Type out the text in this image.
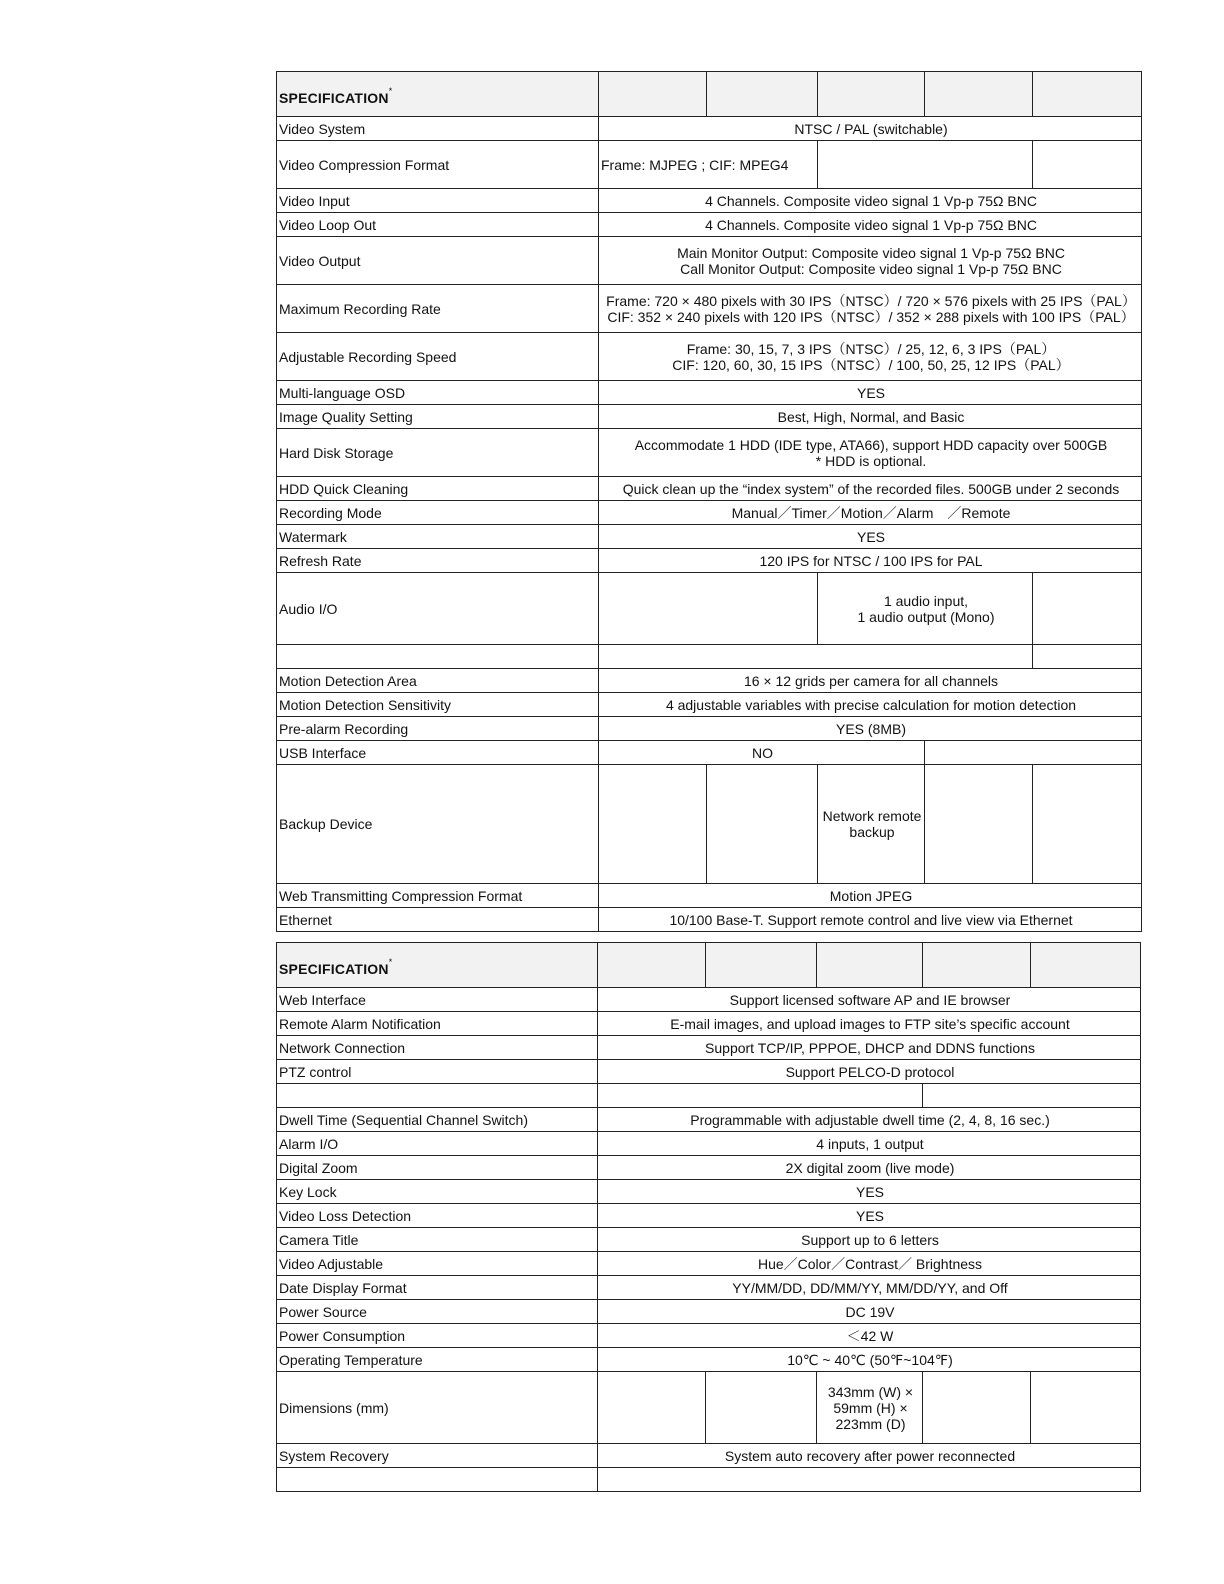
SPECIFICATION*					
Video System	NTSC / PAL (switchable)				
Video Compression Format	Frame: MJPEG ; CIF: MPEG4				
Video Input	4 Channels. Composite video signal 1 Vp-p 75Ω BNC				
Video Loop Out	4 Channels. Composite video signal 1 Vp-p 75Ω BNC				
Video Output	Main Monitor Output: Composite video signal 1 Vp-p 75Ω BNC
Call Monitor Output: Composite video signal 1 Vp-p 75Ω BNC				

Maximum Recording Rate	Frame: 720 × 480 pixels with 30 IPS（NTSC）/ 720 × 576 pixels with 25 IPS（PAL）
CIF: 352 × 240 pixels with 120 IPS（NTSC）/ 352 × 288 pixels with 100 IPS（PAL）				

Adjustable Recording Speed	Frame: 30, 15, 7, 3 IPS（NTSC）/ 25, 12, 6, 3 IPS（PAL）
CIF: 120, 60, 30, 15 IPS（NTSC）/ 100, 50, 25, 12 IPS（PAL）				

Multi-language OSD	YES				
Image Quality Setting	Best, High, Normal, and Basic				
Hard Disk Storage	Accommodate 1 HDD (IDE type, ATA66), support HDD capacity over 500GB
* HDD is optional.				

HDD Quick Cleaning	Quick clean up the “index system” of the recorded files. 500GB under 2 seconds				
Recording Mode	Manual／Timer／Motion／Alarm　／Remote				
Watermark	YES				
Refresh Rate	120 IPS for NTSC / 100 IPS for PAL				
Audio I/O			1 audio input,
1 audio output (Mono)		

Motion Detection Area	16 × 12 grids per camera for all channels				
Motion Detection Sensitivity	4 adjustable variables with precise calculation for motion detection				
Pre-alarm Recording	YES (8MB)				
USB Interface	NO				
Backup Device			Network remote
backup		

Web Transmitting Compression Format	Motion JPEG				
Ethernet	10/100 Base-T. Support remote control and live view via Ethernet				
SPECIFICATION*					
Web Interface	Support licensed software AP and IE browser				
Remote Alarm Notification	E-mail images, and upload images to FTP site’s specific account				
Network Connection	Support TCP/IP, PPPOE, DHCP and DDNS functions				
PTZ control	Support PELCO-D protocol				

Dwell Time (Sequential Channel Switch)	Programmable with adjustable dwell time (2, 4, 8, 16 sec.)				
Alarm I/O	4 inputs, 1 output				
Digital Zoom	2X digital zoom (live mode)				
Key Lock	YES				
Video Loss Detection	YES				
Camera Title	Support up to 6 letters				
Video Adjustable	Hue／Color／Contrast／ Brightness				
Date Display Format	YY/MM/DD, DD/MM/YY, MM/DD/YY, and Off				
Power Source	DC 19V				
Power Consumption	＜42 W				
Operating Temperature	10℃ ~ 40℃ (50℉~104℉)				
Dimensions (mm)			343mm (W) ×
59mm (H) ×
223mm (D)		

System Recovery	System auto recovery after power reconnected				
